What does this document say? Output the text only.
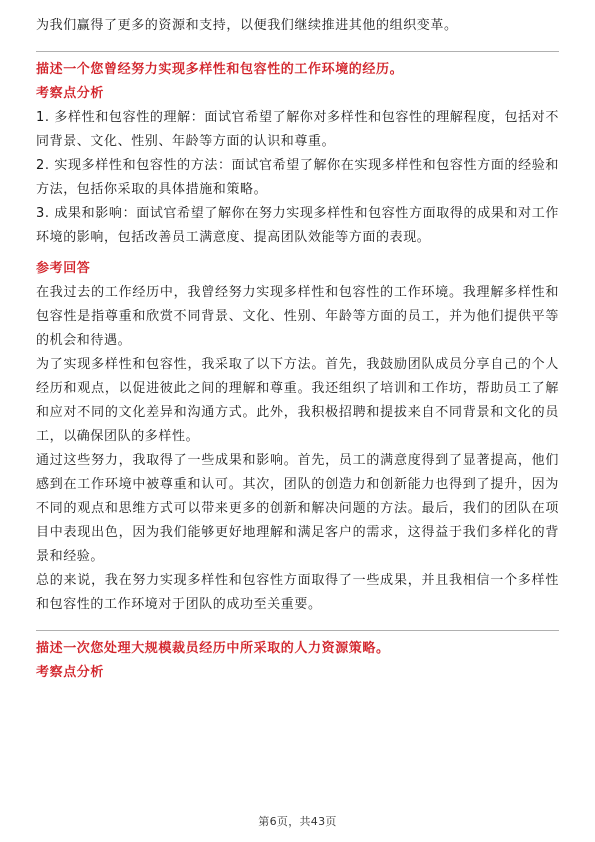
为我们赢得了更多的资源和支持，以便我们继续推进其他的组织变革。

描述一个您曾经努力实现多样性和包容性的工作环境的经历。

考察点分析

1. 多样性和包容性的理解：面试官希望了解你对多样性和包容性的理解程度，包括对不同背景、文化、性别、年龄等方面的认识和尊重。

2. 实现多样性和包容性的方法：面试官希望了解你在实现多样性和包容性方面的经验和方法，包括你采取的具体措施和策略。

3. 成果和影响：面试官希望了解你在努力实现多样性和包容性方面取得的成果和对工作环境的影响，包括改善员工满意度、提高团队效能等方面的表现。

参考回答

在我过去的工作经历中，我曾经努力实现多样性和包容性的工作环境。我理解多样性和包容性是指尊重和欣赏不同背景、文化、性别、年龄等方面的员工，并为他们提供平等的机会和待遇。

为了实现多样性和包容性，我采取了以下方法。首先，我鼓励团队成员分享自己的个人经历和观点，以促进彼此之间的理解和尊重。我还组织了培训和工作坊，帮助员工了解和应对不同的文化差异和沟通方式。此外，我积极招聘和提拔来自不同背景和文化的员工，以确保团队的多样性。

通过这些努力，我取得了一些成果和影响。首先，员工的满意度得到了显著提高，他们感到在工作环境中被尊重和认可。其次，团队的创造力和创新能力也得到了提升，因为不同的观点和思维方式可以带来更多的创新和解决问题的方法。最后，我们的团队在项目中表现出色，因为我们能够更好地理解和满足客户的需求，这得益于我们多样化的背景和经验。

总的来说，我在努力实现多样性和包容性方面取得了一些成果，并且我相信一个多样性和包容性的工作环境对于团队的成功至关重要。

描述一次您处理大规模裁员经历中所采取的人力资源策略。

考察点分析

第6页，共43页
